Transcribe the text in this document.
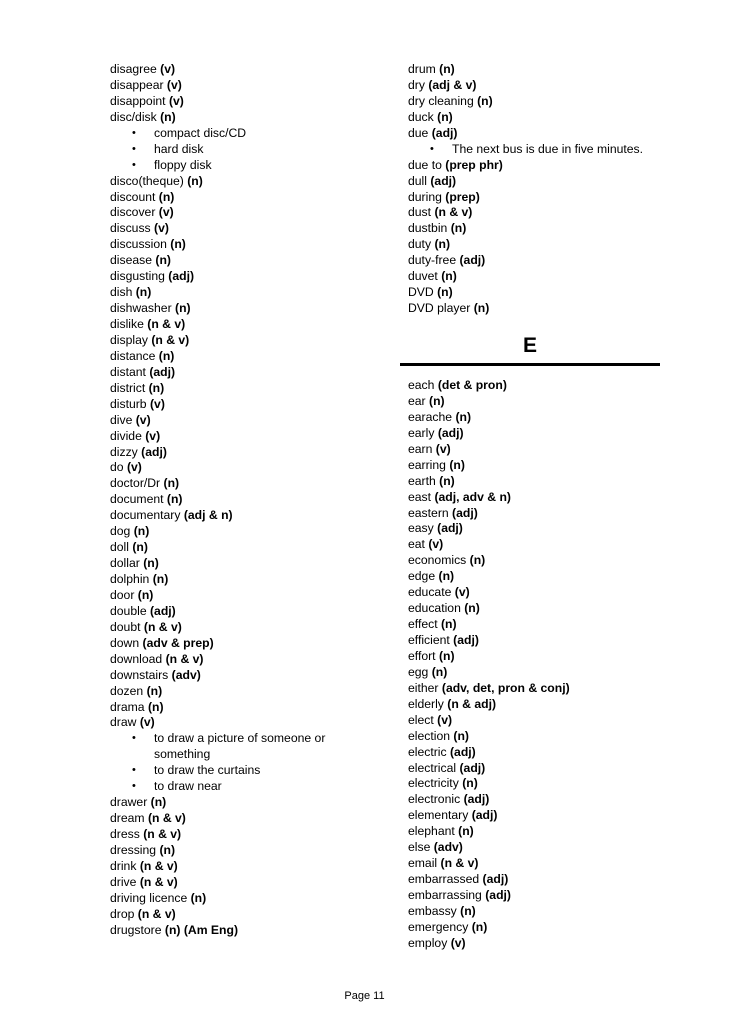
disagree (v)
disappear (v)
disappoint (v)
disc/disk (n)
• compact disc/CD
• hard disk
• floppy disk
disco(theque) (n)
discount (n)
discover (v)
discuss (v)
discussion (n)
disease (n)
disgusting (adj)
dish (n)
dishwasher (n)
dislike (n & v)
display (n & v)
distance (n)
distant (adj)
district (n)
disturb (v)
dive (v)
divide (v)
dizzy (adj)
do (v)
doctor/Dr (n)
document (n)
documentary (adj & n)
dog (n)
doll (n)
dollar (n)
dolphin (n)
door (n)
double (adj)
doubt (n & v)
down (adv & prep)
download (n & v)
downstairs (adv)
dozen (n)
drama (n)
draw (v)
• to draw a picture of someone or
something
• to draw the curtains
• to draw near
drawer (n)
dream (n & v)
dress (n & v)
dressing (n)
drink (n & v)
drive (n & v)
driving licence (n)
drop (n & v)
drugstore (n) (Am Eng)
drum (n)
dry (adj & v)
dry cleaning (n)
duck (n)
due (adj)
• The next bus is due in five minutes.
due to (prep phr)
dull (adj)
during (prep)
dust (n & v)
dustbin (n)
duty (n)
duty-free (adj)
duvet (n)
DVD (n)
DVD player (n)
E
each (det & pron)
ear (n)
earache (n)
early (adj)
earn (v)
earring (n)
earth (n)
east (adj, adv & n)
eastern (adj)
easy (adj)
eat (v)
economics (n)
edge (n)
educate (v)
education (n)
effect (n)
efficient (adj)
effort (n)
egg (n)
either (adv, det, pron & conj)
elderly (n & adj)
elect (v)
election (n)
electric (adj)
electrical (adj)
electricity (n)
electronic (adj)
elementary (adj)
elephant (n)
else (adv)
email (n & v)
embarrassed (adj)
embarrassing (adj)
embassy (n)
emergency (n)
employ (v)
Page 11
